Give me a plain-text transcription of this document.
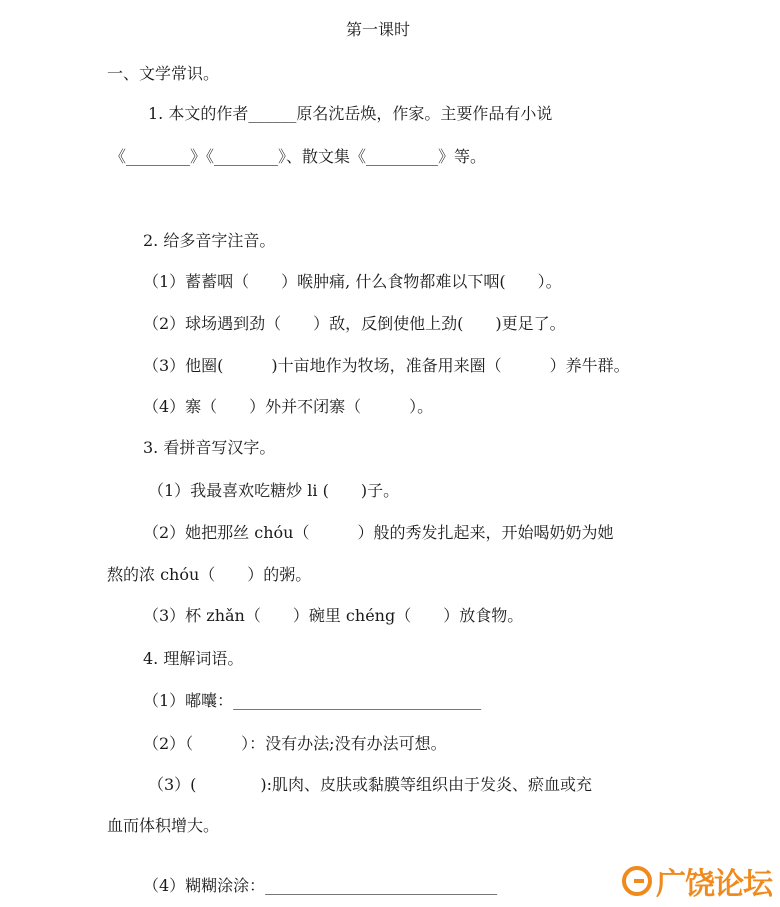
第一课时
一、文学常识。
1. 本文的作者______原名沈岳焕，作家。主要作品有小说
《________》《________》、散文集《_________》等。
2. 给多音字注音。
（1）蓄蓄咽（　　）喉肿痛, 什么食物都难以下咽(　　）。
（2）球场遇到劲（　　）敌，反倒使他上劲(　　)更足了。
（3）他圈(　　　)十亩地作为牧场，准备用来圈（　　　）养牛群。
（4）寨（　　）外并不闭寨（　　　）。
3. 看拼音写汉字。
（1）我最喜欢吃糖炒 li (　　)子。
（2）她把那丝 chóu（　　　）般的秀发扎起来，开始喝奶奶为她
熬的浓 chóu（　　）的粥。
（3）杯 zhǎn（　　）碗里 chéng（　　）放食物。
4. 理解词语。
（1）嘟囔：_______________________________
（2）（　　　）：没有办法;没有办法可想。
（3）(　　　　):肌肉、皮肤或黏膜等组织由于发炎、瘀血或充
血而体积增大。
（4）糊糊涂涂：_____________________________	广饶论坛
